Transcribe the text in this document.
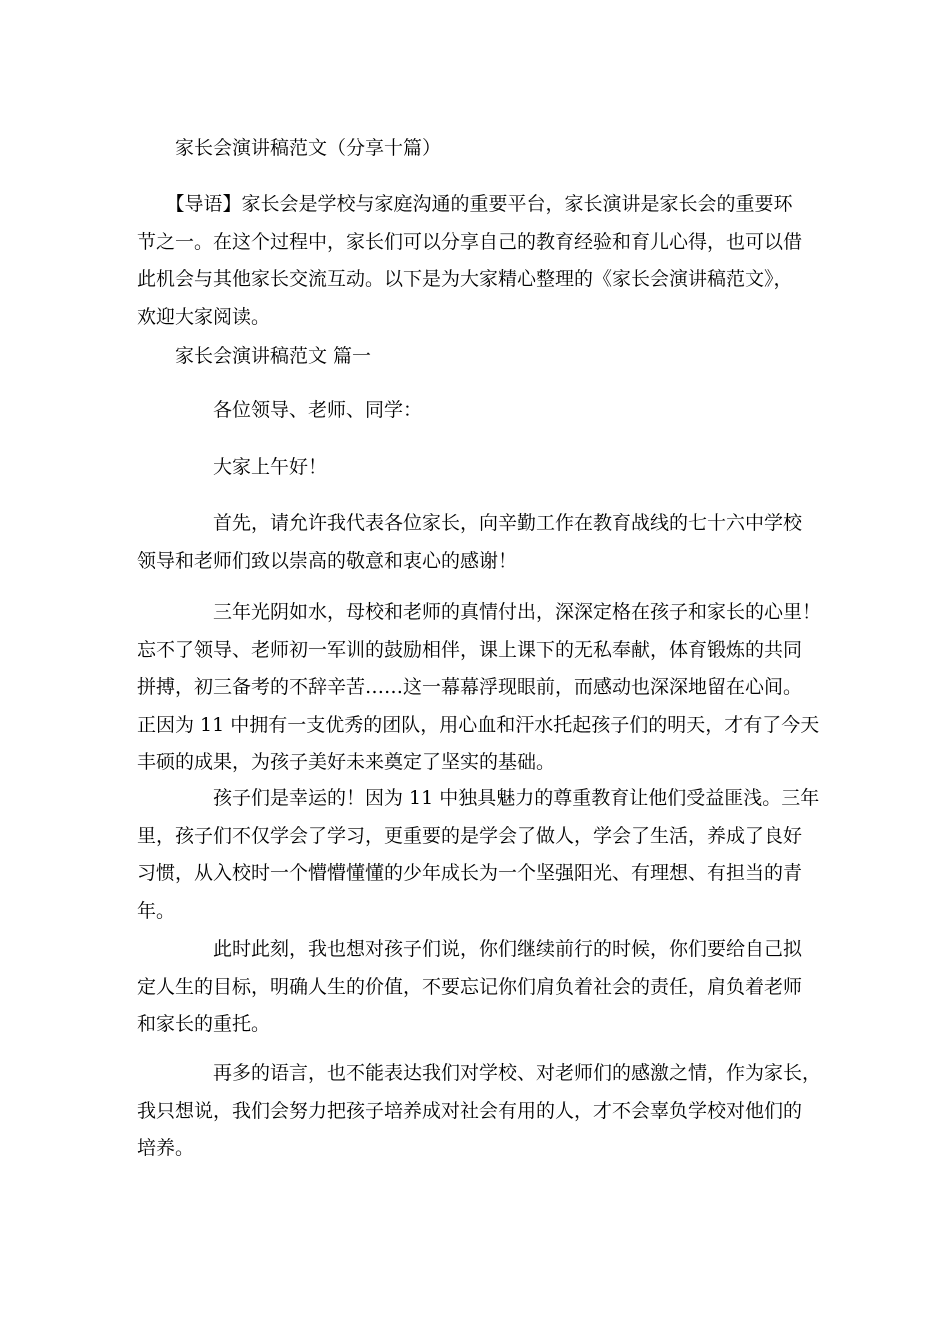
　　家长会演讲稿范文（分享十篇）
　　【导语】家长会是学校与家庭沟通的重要平台，家长演讲是家长会的重要环
节之一。在这个过程中，家长们可以分享自己的教育经验和育儿心得，也可以借
此机会与其他家长交流互动。以下是为大家精心整理的《家长会演讲稿范文》，
欢迎大家阅读。
　　家长会演讲稿范文 篇一
　　　　各位领导、老师、同学：
　　　　大家上午好！
　　　　首先，请允许我代表各位家长，向辛勤工作在教育战线的七十六中学校
领导和老师们致以崇高的敬意和衷心的感谢！
　　　　三年光阴如水，母校和老师的真情付出，深深定格在孩子和家长的心里！
忘不了领导、老师初一军训的鼓励相伴，课上课下的无私奉献，体育锻炼的共同
拼搏，初三备考的不辞辛苦……这一幕幕浮现眼前，而感动也深深地留在心间。
正因为 11 中拥有一支优秀的团队，用心血和汗水托起孩子们的明天，才有了今天
丰硕的成果，为孩子美好未来奠定了坚实的基础。
　　　　孩子们是幸运的！因为 11 中独具魅力的尊重教育让他们受益匪浅。三年
里，孩子们不仅学会了学习，更重要的是学会了做人，学会了生活，养成了良好
习惯，从入校时一个懵懵懂懂的少年成长为一个坚强阳光、有理想、有担当的青
年。
　　　　此时此刻，我也想对孩子们说，你们继续前行的时候，你们要给自己拟
定人生的目标，明确人生的价值，不要忘记你们肩负着社会的责任，肩负着老师
和家长的重托。
　　　　再多的语言，也不能表达我们对学校、对老师们的感激之情，作为家长，
我只想说，我们会努力把孩子培养成对社会有用的人，才不会辜负学校对他们的
培养。
